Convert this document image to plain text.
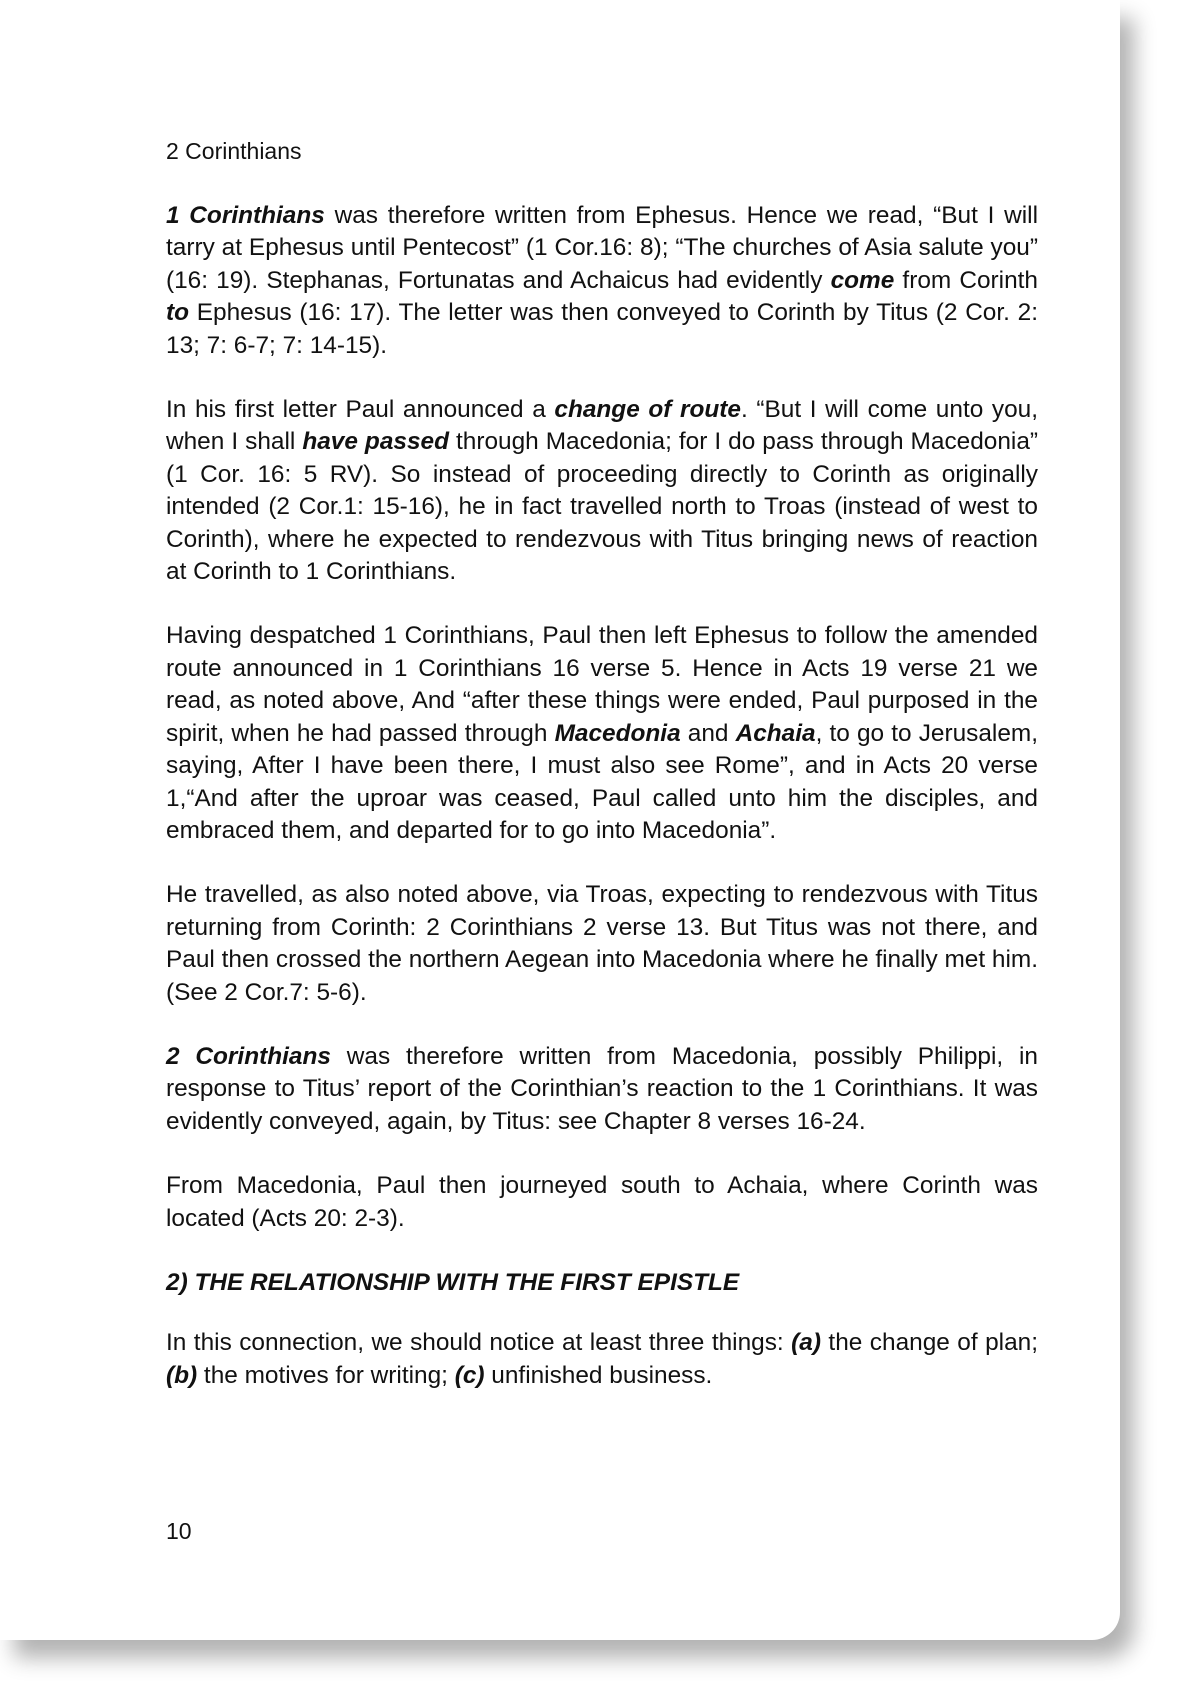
2 Corinthians

1 Corinthians was therefore written from Ephesus. Hence we read, “But I will tarry at Ephesus until Pentecost” (1 Cor.16: 8); “The churches of Asia salute you” (16: 19). Stephanas, Fortunatas and Achaicus had evidently come from Corinth to Ephesus (16: 17). The letter was then conveyed to Corinth by Titus (2 Cor. 2: 13; 7: 6-7; 7: 14-15).

In his first letter Paul announced a change of route. “But I will come unto you, when I shall have passed through Macedonia; for I do pass through Macedonia” (1 Cor. 16: 5 RV). So instead of proceeding directly to Corinth as originally intended (2 Cor.1: 15-16), he in fact travelled north to Troas (instead of west to Corinth), where he expected to rendezvous with Titus bringing news of reaction at Corinth to 1 Corinthians.

Having despatched 1 Corinthians, Paul then left Ephesus to follow the amended route announced in 1 Corinthians 16 verse 5. Hence in Acts 19 verse 21 we read, as noted above, And “after these things were ended, Paul purposed in the spirit, when he had passed through Macedonia and Achaia, to go to Jerusalem, saying, After I have been there, I must also see Rome”, and in Acts 20 verse 1,“And after the uproar was ceased, Paul called unto him the disciples, and embraced them, and departed for to go into Macedonia”.

He travelled, as also noted above, via Troas, expecting to rendezvous with Titus returning from Corinth: 2 Corinthians 2 verse 13. But Titus was not there, and Paul then crossed the northern Aegean into Macedonia where he finally met him. (See 2 Cor.7: 5-6).

2 Corinthians was therefore written from Macedonia, possibly Philippi, in response to Titus’ report of the Corinthian’s reaction to the 1 Corinthians. It was evidently conveyed, again, by Titus: see Chapter 8 verses 16-24.

From Macedonia, Paul then journeyed south to Achaia, where Corinth was located (Acts 20: 2-3).

2) THE RELATIONSHIP WITH THE FIRST EPISTLE

In this connection, we should notice at least three things: (a) the change of plan; (b) the motives for writing; (c) unfinished business.

10
